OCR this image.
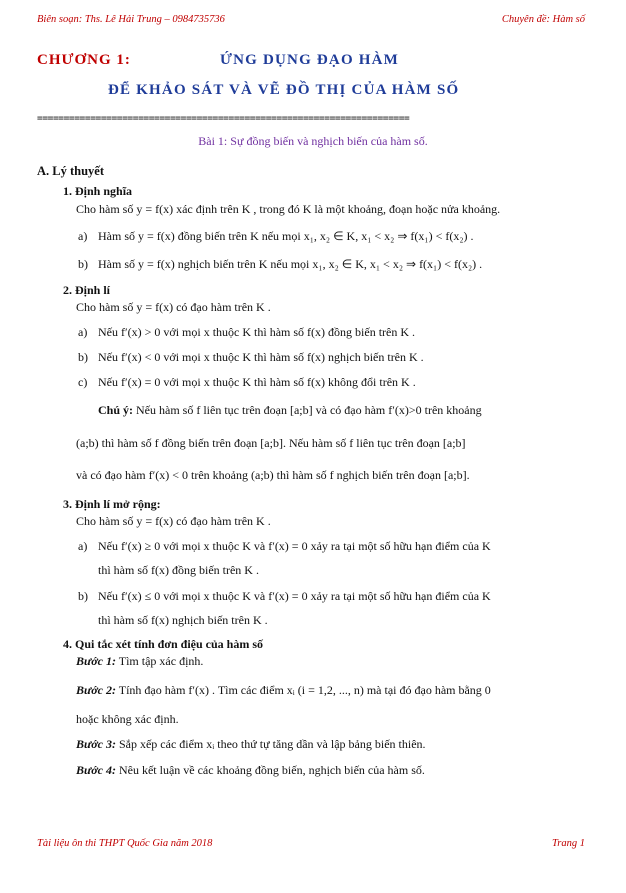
Biên soạn: Ths. Lê Hải Trung – 0984735736	Chuyên đề: Hàm số
CHƯƠNG 1:	ỨNG DỤNG ĐẠO HÀM
ĐỂ KHẢO SÁT VÀ VẼ ĐỒ THỊ CỦA HÀM SỐ
======================================================================
Bài 1: Sự đồng biến và nghịch biến của hàm số.
A. Lý thuyết
1. Định nghĩa
Cho hàm số y = f(x) xác định trên K , trong đó K là một khoảng, đoạn hoặc nửa khoảng.
a) Hàm số y = f(x) đồng biến trên K nếu mọi x₁, x₂ ∈ K, x₁ < x₂ ⇒ f(x₁) < f(x₂) .
b) Hàm số y = f(x) nghịch biến trên K nếu mọi x₁, x₂ ∈ K, x₁ < x₂ ⇒ f(x₁) < f(x₂) .
2. Định lí
Cho hàm số y = f(x) có đạo hàm trên K .
a) Nếu f′(x) > 0 với mọi x thuộc K thì hàm số f(x) đồng biến trên K .
b) Nếu f′(x) < 0 với mọi x thuộc K thì hàm số f(x) nghịch biến trên K .
c) Nếu f′(x) = 0 với mọi x thuộc K thì hàm số f(x) không đổi trên K .
Chú ý: Nếu hàm số f liên tục trên đoạn [a;b] và có đạo hàm f′(x)>0 trên khoảng
(a;b) thì hàm số f đồng biến trên đoạn [a;b]. Nếu hàm số f liên tục trên đoạn [a;b]
và có đạo hàm f′(x) < 0 trên khoảng (a;b) thì hàm số f nghịch biến trên đoạn [a;b].
3. Định lí mở rộng:
Cho hàm số y = f(x) có đạo hàm trên K .
a) Nếu f′(x) ≥ 0 với mọi x thuộc K và f′(x) = 0 xảy ra tại một số hữu hạn điểm của K
thì hàm số f(x) đồng biến trên K .
b) Nếu f′(x) ≤ 0 với mọi x thuộc K và f′(x) = 0 xảy ra tại một số hữu hạn điểm của K
thì hàm số f(x) nghịch biến trên K .
4. Qui tắc xét tính đơn điệu của hàm số
Bước 1: Tìm tập xác định.
Bước 2: Tính đạo hàm f′(x) . Tìm các điểm xᵢ (i = 1,2, ..., n) mà tại đó đạo hàm bằng 0
hoặc không xác định.
Bước 3: Sắp xếp các điểm xᵢ theo thứ tự tăng dần và lập bảng biến thiên.
Bước 4: Nêu kết luận về các khoảng đồng biến, nghịch biến của hàm số.
Tài liệu ôn thi THPT Quốc Gia năm 2018	Trang 1
